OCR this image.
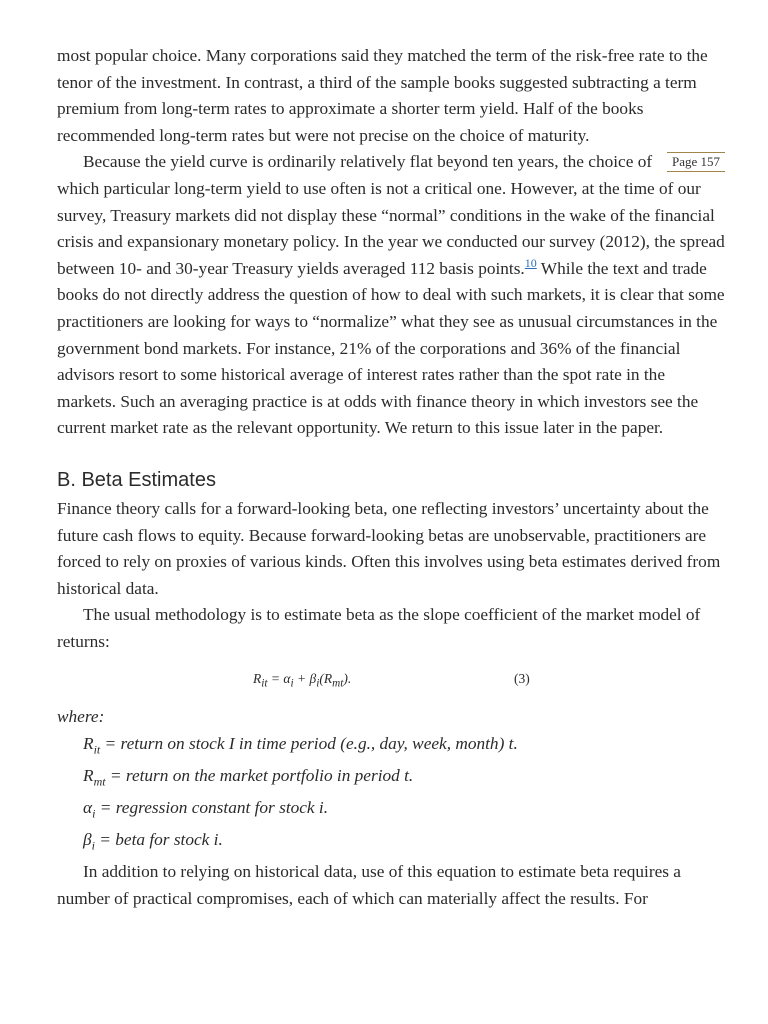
most popular choice. Many corporations said they matched the term of the risk-free rate to the tenor of the investment. In contrast, a third of the sample books suggested subtracting a term premium from long-term rates to approximate a shorter term yield. Half of the books recommended long-term rates but were not precise on the choice of maturity.

Page 157
Because the yield curve is ordinarily relatively flat beyond ten years, the choice of which particular long-term yield to use often is not a critical one. However, at the time of our survey, Treasury markets did not display these “normal” conditions in the wake of the financial crisis and expansionary monetary policy. In the year we conducted our survey (2012), the spread between 10- and 30-year Treasury yields averaged 112 basis points.$^{10}$ While the text and trade books do not directly address the question of how to deal with such markets, it is clear that some practitioners are looking for ways to “normalize” what they see as unusual circumstances in the government bond markets. For instance, 21% of the corporations and 36% of the financial advisors resort to some historical average of interest rates rather than the spot rate in the markets. Such an averaging practice is at odds with finance theory in which investors see the current market rate as the relevant opportunity. We return to this issue later in the paper.

B. Beta Estimates

Finance theory calls for a forward-looking beta, one reflecting investors’ uncertainty about the future cash flows to equity. Because forward-looking betas are unobservable, practitioners are forced to rely on proxies of various kinds. Often this involves using beta estimates derived from historical data.

The usual methodology is to estimate beta as the slope coefficient of the market model of returns:

$R_{it} = \alpha_i + \beta_i(R_{mt})$.	(3)

where:

$R_{it}$ = return on stock I in time period (e.g., day, week, month) t.

$R_{mt}$ = return on the market portfolio in period t.

$\alpha_i$ = regression constant for stock i.

$\beta_i$ = beta for stock i.

In addition to relying on historical data, use of this equation to estimate beta requires a number of practical compromises, each of which can materially affect the results. For
